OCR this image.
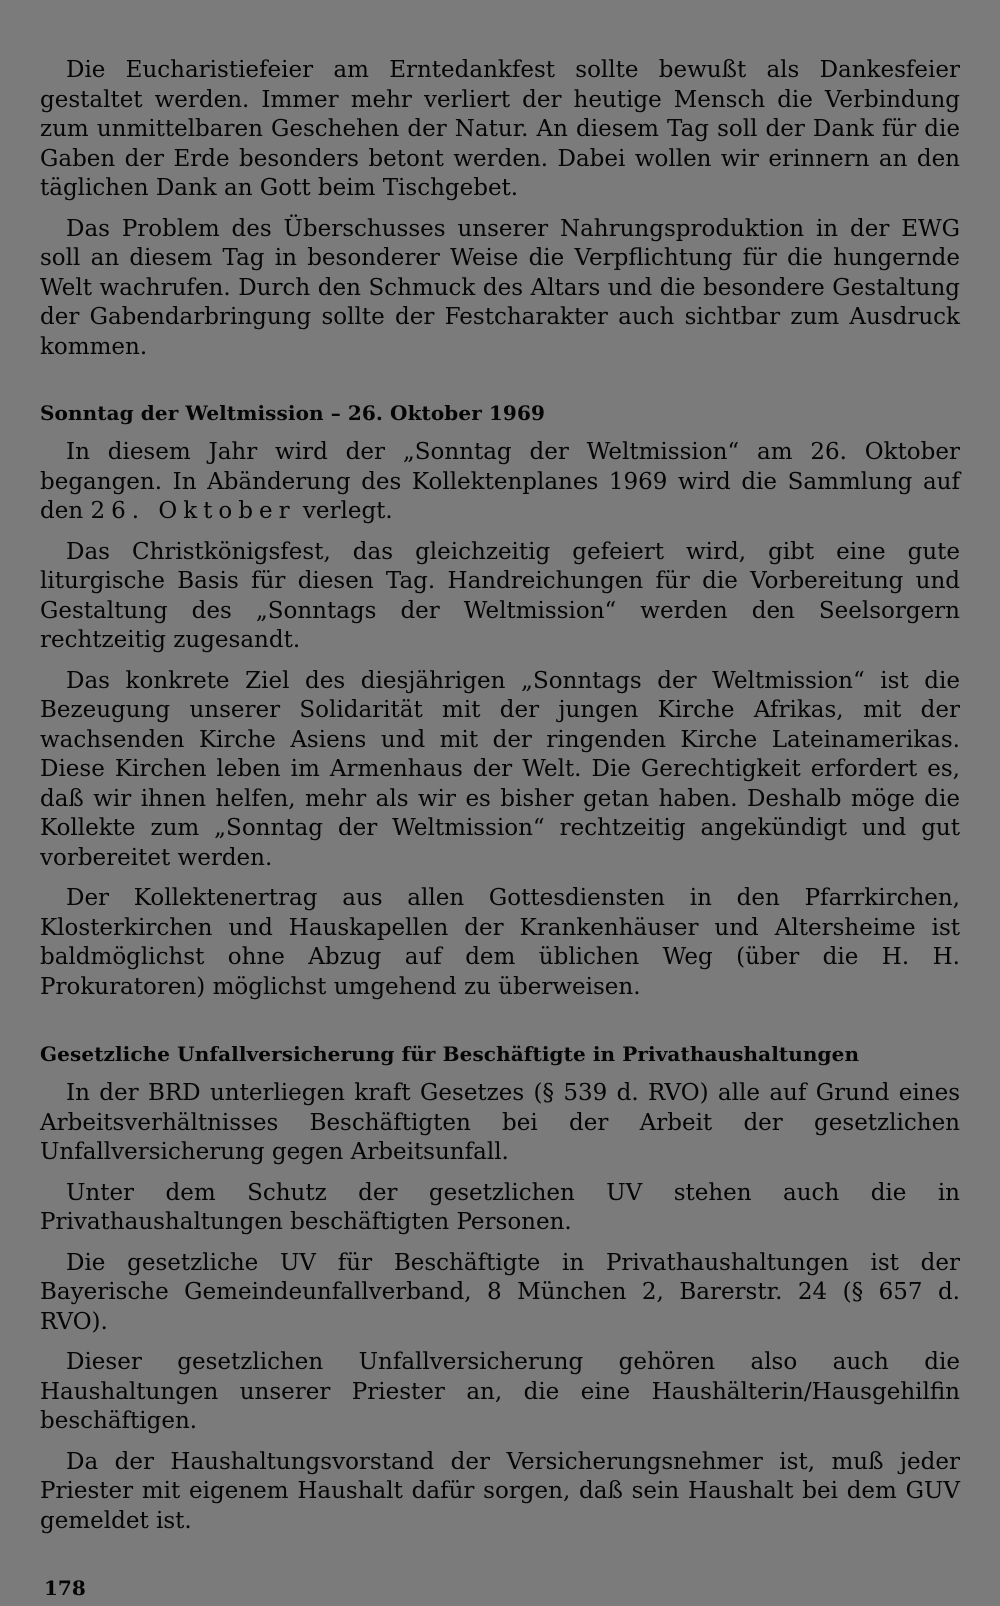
Die Eucharistiefeier am Erntedankfest sollte bewußt als Dankesfeier gestaltet werden. Immer mehr verliert der heutige Mensch die Verbindung zum unmittelbaren Geschehen der Natur. An diesem Tag soll der Dank für die Gaben der Erde besonders betont werden. Dabei wollen wir erinnern an den täglichen Dank an Gott beim Tischgebet.

Das Problem des Überschusses unserer Nahrungsproduktion in der EWG soll an diesem Tag in besonderer Weise die Verpflichtung für die hungernde Welt wachrufen. Durch den Schmuck des Altars und die besondere Gestaltung der Gabendarbringung sollte der Festcharakter auch sichtbar zum Ausdruck kommen.

Sonntag der Weltmission – 26. Oktober 1969

In diesem Jahr wird der „Sonntag der Weltmission“ am 26. Oktober begangen. In Abänderung des Kollektenplanes 1969 wird die Sammlung auf den 26. Oktober verlegt.

Das Christkönigsfest, das gleichzeitig gefeiert wird, gibt eine gute liturgische Basis für diesen Tag. Handreichungen für die Vorbereitung und Gestaltung des „Sonntags der Weltmission“ werden den Seelsorgern rechtzeitig zugesandt.

Das konkrete Ziel des diesjährigen „Sonntags der Weltmission“ ist die Bezeugung unserer Solidarität mit der jungen Kirche Afrikas, mit der wachsenden Kirche Asiens und mit der ringenden Kirche Lateinamerikas. Diese Kirchen leben im Armenhaus der Welt. Die Gerechtigkeit erfordert es, daß wir ihnen helfen, mehr als wir es bisher getan haben. Deshalb möge die Kollekte zum „Sonntag der Weltmission“ rechtzeitig angekündigt und gut vorbereitet werden.

Der Kollektenertrag aus allen Gottesdiensten in den Pfarrkirchen, Klosterkirchen und Hauskapellen der Krankenhäuser und Altersheime ist baldmöglichst ohne Abzug auf dem üblichen Weg (über die H. H. Prokuratoren) möglichst umgehend zu überweisen.

Gesetzliche Unfallversicherung für Beschäftigte in Privathaushaltungen

In der BRD unterliegen kraft Gesetzes (§ 539 d. RVO) alle auf Grund eines Arbeitsverhältnisses Beschäftigten bei der Arbeit der gesetzlichen Unfallversicherung gegen Arbeitsunfall.

Unter dem Schutz der gesetzlichen UV stehen auch die in Privathaushaltungen beschäftigten Personen.

Die gesetzliche UV für Beschäftigte in Privathaushaltungen ist der Bayerische Gemeindeunfallverband, 8 München 2, Barerstr. 24 (§ 657 d. RVO).

Dieser gesetzlichen Unfallversicherung gehören also auch die Haushaltungen unserer Priester an, die eine Haushälterin/Hausgehilfin beschäftigen.

Da der Haushaltungsvorstand der Versicherungsnehmer ist, muß jeder Priester mit eigenem Haushalt dafür sorgen, daß sein Haushalt bei dem GUV gemeldet ist.

178
